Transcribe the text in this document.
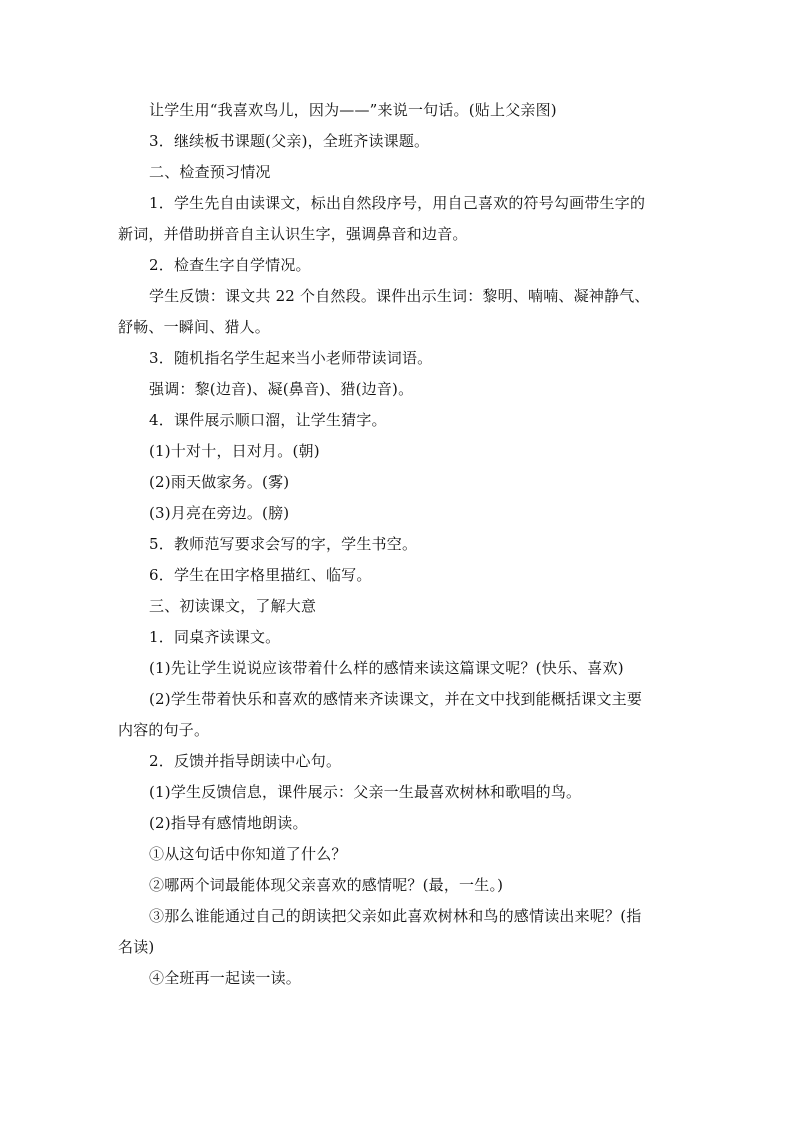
让学生用“我喜欢鸟儿，因为——”来说一句话。(贴上父亲图)
3．继续板书课题(父亲)，全班齐读课题。
二、检查预习情况
1．学生先自由读课文，标出自然段序号，用自己喜欢的符号勾画带生字的
新词，并借助拼音自主认识生字，强调鼻音和边音。
2．检查生字自学情况。
学生反馈：课文共 22 个自然段。课件出示生词：黎明、喃喃、凝神静气、
舒畅、一瞬间、猎人。
3．随机指名学生起来当小老师带读词语。
强调：黎(边音)、凝(鼻音)、猎(边音)。
4．课件展示顺口溜，让学生猜字。
(1)十对十，日对月。(朝)
(2)雨天做家务。(雾)
(3)月亮在旁边。(膀)
5．教师范写要求会写的字，学生书空。
6．学生在田字格里描红、临写。
三、初读课文，了解大意
1．同桌齐读课文。
(1)先让学生说说应该带着什么样的感情来读这篇课文呢？(快乐、喜欢)
(2)学生带着快乐和喜欢的感情来齐读课文，并在文中找到能概括课文主要
内容的句子。
2．反馈并指导朗读中心句。
(1)学生反馈信息，课件展示：父亲一生最喜欢树林和歌唱的鸟。
(2)指导有感情地朗读。
①从这句话中你知道了什么？
②哪两个词最能体现父亲喜欢的感情呢？(最，一生。)
③那么谁能通过自己的朗读把父亲如此喜欢树林和鸟的感情读出来呢？(指
名读)
④全班再一起读一读。
